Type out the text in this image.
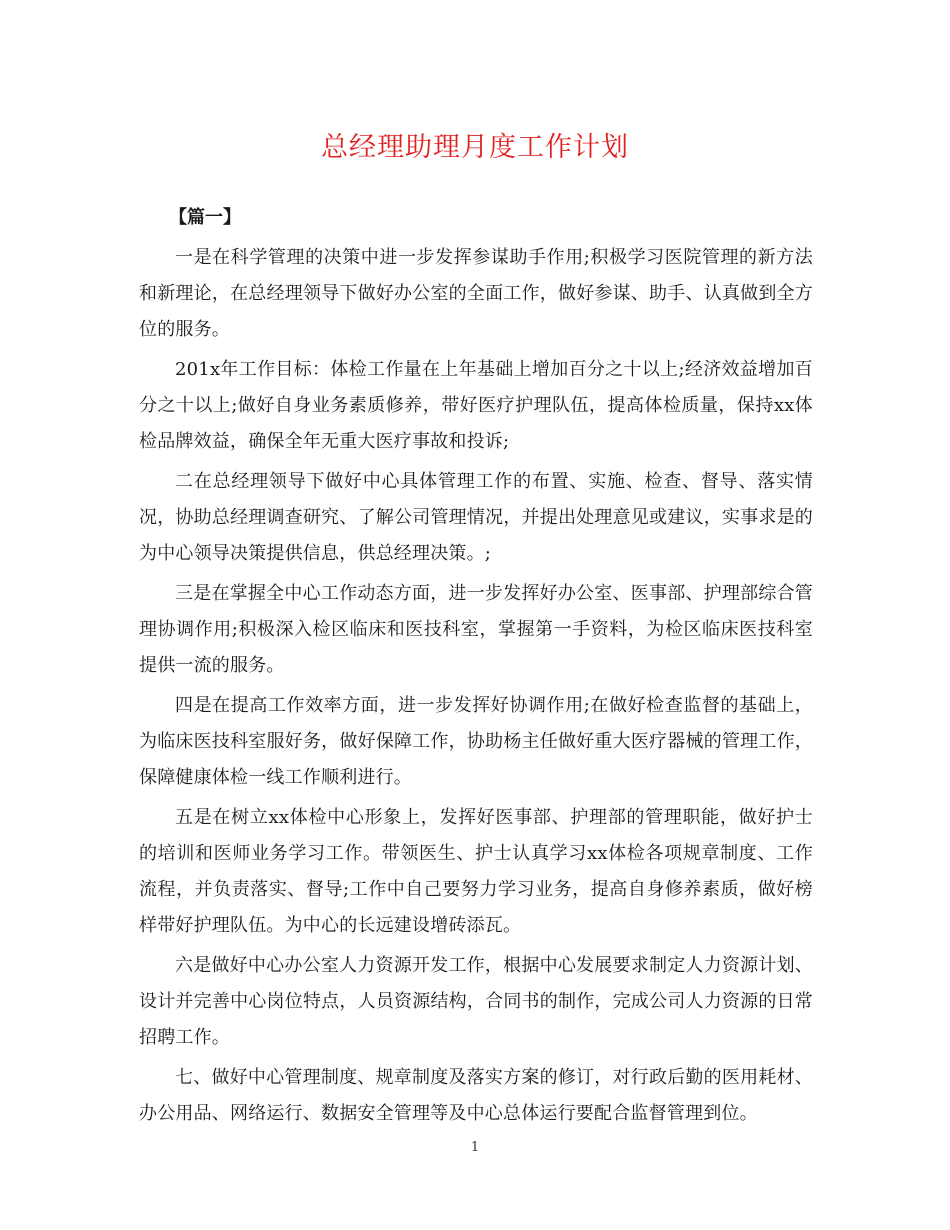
总经理助理月度工作计划

【篇一】

一是在科学管理的决策中进一步发挥参谋助手作用;积极学习医院管理的新方法和新理论，在总经理领导下做好办公室的全面工作，做好参谋、助手、认真做到全方位的服务。

201x年工作目标：体检工作量在上年基础上增加百分之十以上;经济效益增加百分之十以上;做好自身业务素质修养，带好医疗护理队伍，提高体检质量，保持xx体检品牌效益，确保全年无重大医疗事故和投诉;

二在总经理领导下做好中心具体管理工作的布置、实施、检查、督导、落实情况，协助总经理调查研究、了解公司管理情况，并提出处理意见或建议，实事求是的为中心领导决策提供信息，供总经理决策。;

三是在掌握全中心工作动态方面，进一步发挥好办公室、医事部、护理部综合管理协调作用;积极深入检区临床和医技科室，掌握第一手资料，为检区临床医技科室提供一流的服务。

四是在提高工作效率方面，进一步发挥好协调作用;在做好检查监督的基础上，为临床医技科室服好务，做好保障工作，协助杨主任做好重大医疗器械的管理工作，保障健康体检一线工作顺利进行。

五是在树立xx体检中心形象上，发挥好医事部、护理部的管理职能，做好护士的培训和医师业务学习工作。带领医生、护士认真学习xx体检各项规章制度、工作流程，并负责落实、督导;工作中自己要努力学习业务，提高自身修养素质，做好榜样带好护理队伍。为中心的长远建设增砖添瓦。

六是做好中心办公室人力资源开发工作，根据中心发展要求制定人力资源计划、设计并完善中心岗位特点，人员资源结构，合同书的制作，完成公司人力资源的日常招聘工作。

七、做好中心管理制度、规章制度及落实方案的修订，对行政后勤的医用耗材、办公用品、网络运行、数据安全管理等及中心总体运行要配合监督管理到位。

1
